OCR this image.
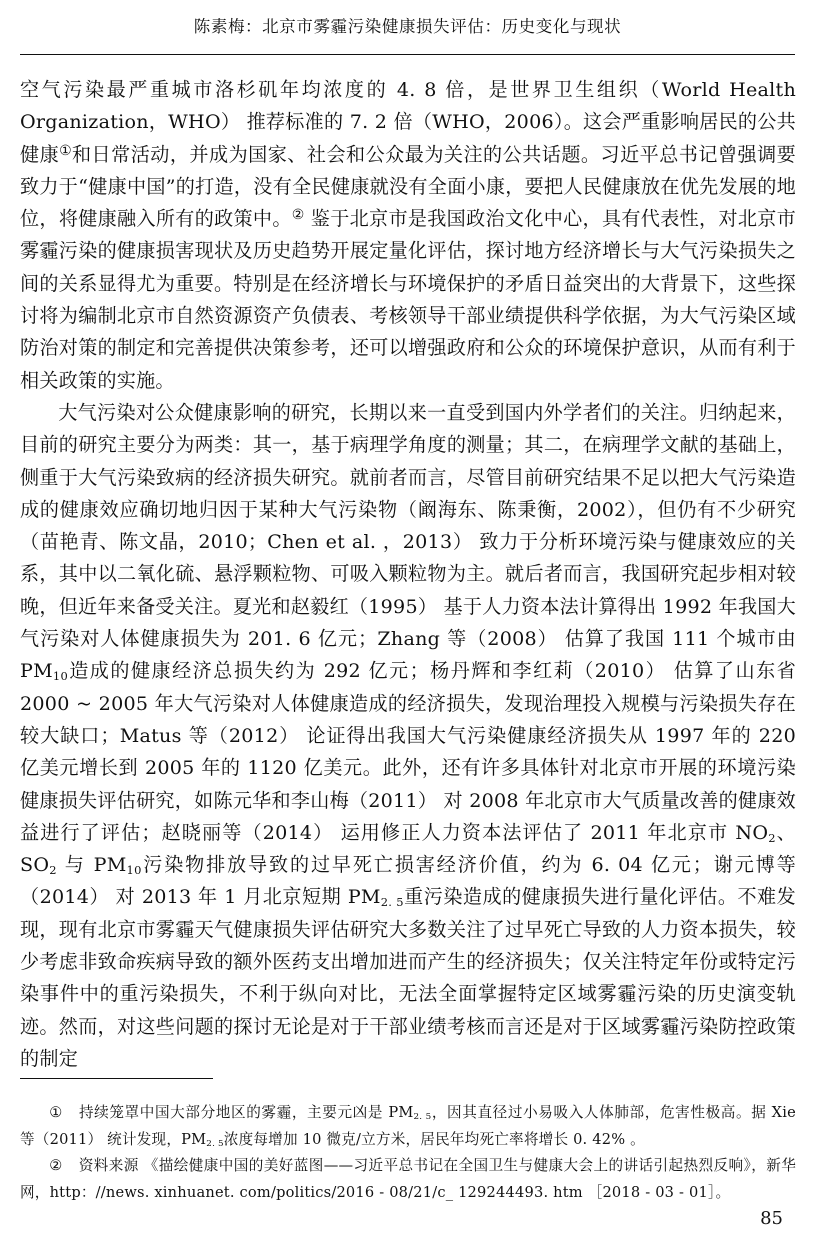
陈素梅：北京市雾霾污染健康损失评估：历史变化与现状

空气污染最严重城市洛杉矶年均浓度的 4. 8 倍，是世界卫生组织（World Health Organization，WHO） 推荐标准的 7. 2 倍（WHO，2006）。这会严重影响居民的公共健康①和日常活动，并成为国家、社会和公众最为关注的公共话题。习近平总书记曾强调要致力于“健康中国”的打造，没有全民健康就没有全面小康，要把人民健康放在优先发展的地位，将健康融入所有的政策中。② 鉴于北京市是我国政治文化中心，具有代表性，对北京市雾霾污染的健康损害现状及历史趋势开展定量化评估，探讨地方经济增长与大气污染损失之间的关系显得尤为重要。特别是在经济增长与环境保护的矛盾日益突出的大背景下，这些探讨将为编制北京市自然资源资产负债表、考核领导干部业绩提供科学依据，为大气污染区域防治对策的制定和完善提供决策参考，还可以增强政府和公众的环境保护意识，从而有利于相关政策的实施。

大气污染对公众健康影响的研究，长期以来一直受到国内外学者们的关注。归纳起来，目前的研究主要分为两类：其一，基于病理学角度的测量；其二，在病理学文献的基础上，侧重于大气污染致病的经济损失研究。就前者而言，尽管目前研究结果不足以把大气污染造成的健康效应确切地归因于某种大气污染物（阚海东、陈秉衡，2002），但仍有不少研究（苗艳青、陈文晶，2010；Chen et al. ，2013） 致力于分析环境污染与健康效应的关系，其中以二氧化硫、悬浮颗粒物、可吸入颗粒物为主。就后者而言，我国研究起步相对较晚，但近年来备受关注。夏光和赵毅红（1995） 基于人力资本法计算得出 1992 年我国大气污染对人体健康损失为 201. 6 亿元；Zhang 等（2008） 估算了我国 111 个城市由 $PM_{10}$造成的健康经济总损失约为 292 亿元；杨丹辉和李红莉（2010） 估算了山东省 2000 ~ 2005 年大气污染对人体健康造成的经济损失，发现治理投入规模与污染损失存在较大缺口；Matus 等（2012） 论证得出我国大气污染健康经济损失从 1997 年的 220 亿美元增长到 2005 年的 1120 亿美元。此外，还有许多具体针对北京市开展的环境污染健康损失评估研究，如陈元华和李山梅（2011） 对 2008 年北京市大气质量改善的健康效益进行了评估；赵晓丽等（2014） 运用修正人力资本法评估了 2011 年北京市 $NO_2$、$SO_2$ 与 $PM_{10}$污染物排放导致的过早死亡损害经济价值，约为 6. 04 亿元；谢元博等（2014） 对 2013 年 1 月北京短期 $PM_{2. 5}$重污染造成的健康损失进行量化评估。不难发现，现有北京市雾霾天气健康损失评估研究大多数关注了过早死亡导致的人力资本损失，较少考虑非致命疾病导致的额外医药支出增加进而产生的经济损失；仅关注特定年份或特定污染事件中的重污染损失，不利于纵向对比，无法全面掌握特定区域雾霾污染的历史演变轨迹。然而，对这些问题的探讨无论是对于干部业绩考核而言还是对于区域雾霾污染防控政策的制定

① 持续笼罩中国大部分地区的雾霾，主要元凶是 $PM_{2. 5}$，因其直径过小易吸入人体肺部，危害性极高。据 Xie 等（2011） 统计发现，$PM_{2. 5}$浓度每增加 10 微克/立方米，居民年均死亡率将增长 0. 42% 。

② 资料来源 《描绘健康中国的美好蓝图——习近平总书记在全国卫生与健康大会上的讲话引起热烈反响》，新华网，http：//news. xinhuanet. com/politics/2016 - 08/21/c_ 129244493. htm ［2018 - 03 - 01］。

85
